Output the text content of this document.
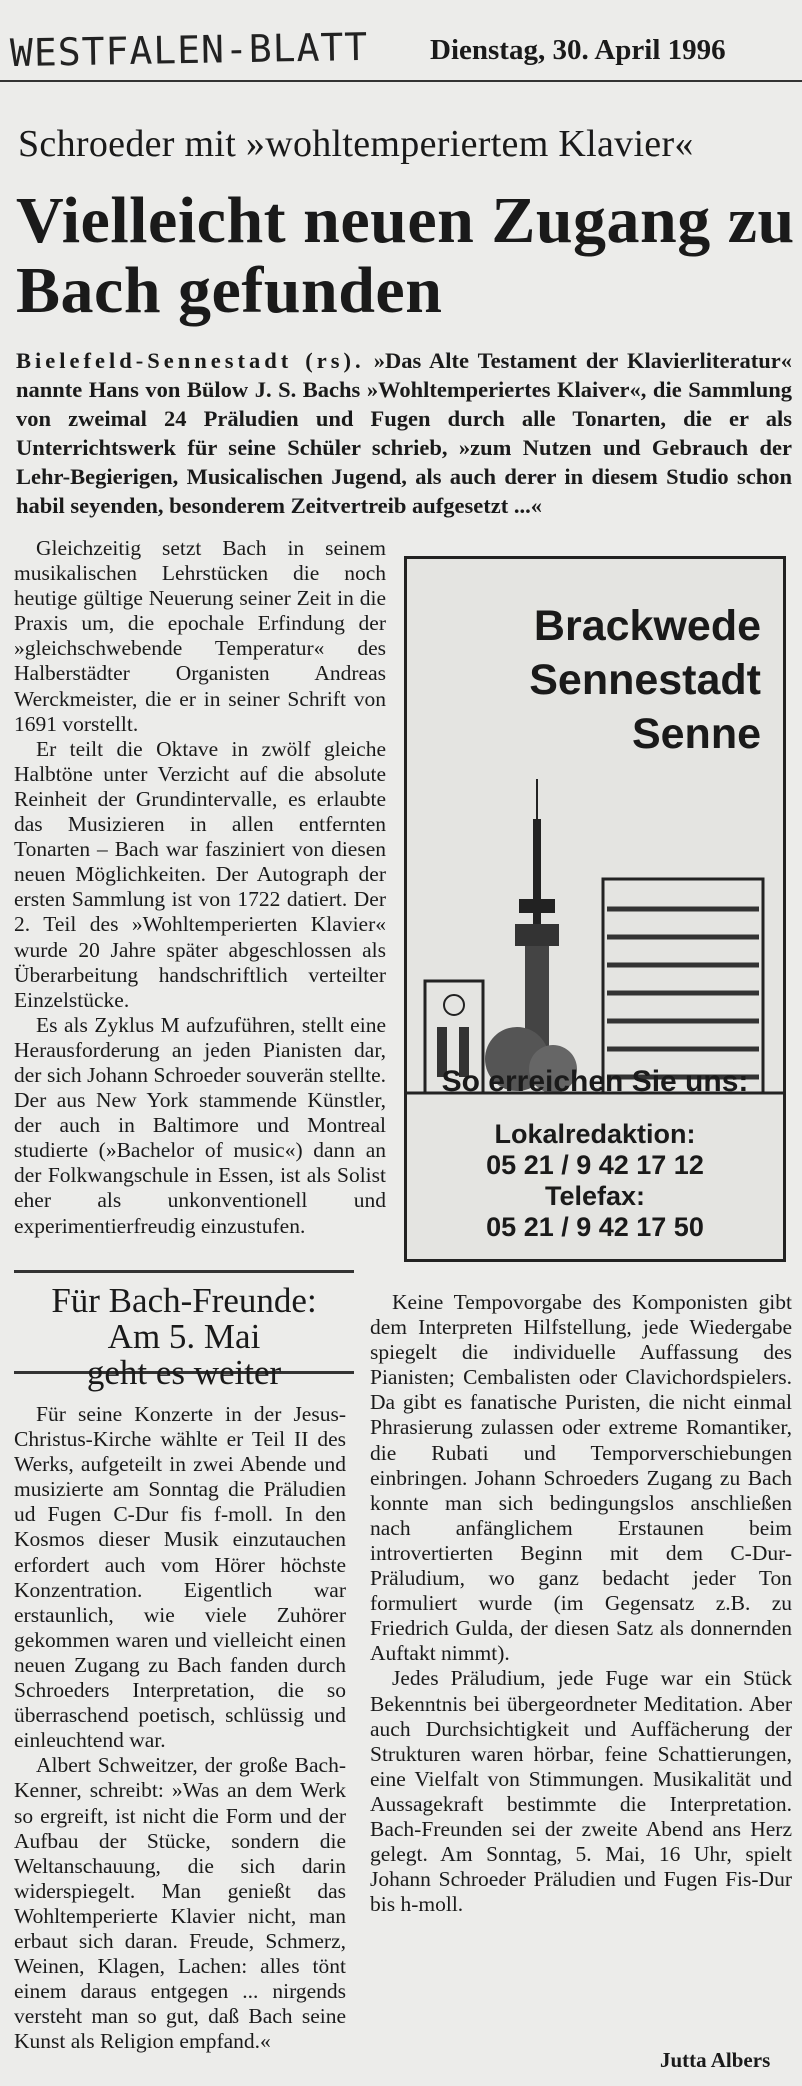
WESTFALEN-BLATT Dienstag, 30. April 1996
Schroeder mit »wohltemperiertem Klavier«
Vielleicht neuen Zugang zu Bach gefunden
Bielefeld-Sennestadt (rs). »Das Alte Testament der Klavierliteratur« nannte Hans von Bülow J. S. Bachs »Wohltemperiertes Klaiver«, die Sammlung von zweimal 24 Präludien und Fugen durch alle Tonarten, die er als Unterrichtswerk für seine Schüler schrieb, »zum Nutzen und Gebrauch der Lehr-Begierigen, Musicalischen Jugend, als auch derer in diesem Studio schon habil seyenden, besonderem Zeitvertreib aufgesetzt ...«

Gleichzeitig setzt Bach in seinem musikalischen Lehrstücken die noch heutige gültige Neuerung seiner Zeit in die Praxis um, die epochale Erfindung der »gleichschwebende Temperatur« des Halberstädter Organisten Andreas Werckmeister, die er in seiner Schrift von 1691 vorstellt.

Er teilt die Oktave in zwölf gleiche Halbtöne unter Verzicht auf die absolute Reinheit der Grundintervalle, es erlaubte das Musizieren in allen entfernten Tonarten – Bach war fasziniert von diesen neuen Möglichkeiten. Der Autograph der ersten Sammlung ist von 1722 datiert. Der 2. Teil des »Wohltemperierten Klavier« wurde 20 Jahre später abgeschlossen als Überarbeitung handschriftlich verteilter Einzelstücke.

Es als Zyklus M aufzuführen, stellt eine Herausforderung an jeden Pianisten dar, der sich Johann Schroeder souverän stellte. Der aus New York stammende Künstler, der auch in Baltimore und Montreal studierte (»Bachelor of music«) dann an der Folkwangschule in Essen, ist als Solist eher als unkonventionell und experimentierfreudig einzustufen.

Brackwede
Sennestadt
Senne
So erreichen Sie uns:
Lokalredaktion:
05 21 / 9 42 17 12
Telefax:
05 21 / 9 42 17 50
Für Bach-Freunde:
Am 5. Mai
geht es weiter

Für seine Konzerte in der Jesus-Christus-Kirche wählte er Teil II des Werks, aufgeteilt in zwei Abende und musizierte am Sonntag die Präludien ud Fugen C-Dur fis f-moll. In den Kosmos dieser Musik einzutauchen erfordert auch vom Hörer höchste Konzentration. Eigentlich war erstaunlich, wie viele Zuhörer gekommen waren und vielleicht einen neuen Zugang zu Bach fanden durch Schroeders Interpretation, die so überraschend poetisch, schlüssig und einleuchtend war.

Albert Schweitzer, der große Bach-Kenner, schreibt: »Was an dem Werk so ergreift, ist nicht die Form und der Aufbau der Stücke, sondern die Weltanschauung, die sich darin widerspiegelt. Man genießt das Wohltemperierte Klavier nicht, man erbaut sich daran. Freude, Schmerz, Weinen, Klagen, Lachen: alles tönt einem daraus entgegen ... nirgends versteht man so gut, daß Bach seine Kunst als Religion empfand.«

Keine Tempovorgabe des Komponisten gibt dem Interpreten Hilfstellung, jede Wiedergabe spiegelt die individuelle Auffassung des Pianisten; Cembalisten oder Clavichordspielers. Da gibt es fanatische Puristen, die nicht einmal Phrasierung zulassen oder extreme Romantiker, die Rubati und Temporverschiebungen einbringen. Johann Schroeders Zugang zu Bach konnte man sich bedingungslos anschließen nach anfänglichem Erstaunen beim introvertierten Beginn mit dem C-Dur-Präludium, wo ganz bedacht jeder Ton formuliert wurde (im Gegensatz z.B. zu Friedrich Gulda, der diesen Satz als donnernden Auftakt nimmt).

Jedes Präludium, jede Fuge war ein Stück Bekenntnis bei übergeordneter Meditation. Aber auch Durchsichtigkeit und Auffächerung der Strukturen waren hörbar, feine Schattierungen, eine Vielfalt von Stimmungen. Musikalität und Aussagekraft bestimmte die Interpretation. Bach-Freunden sei der zweite Abend ans Herz gelegt. Am Sonntag, 5. Mai, 16 Uhr, spielt Johann Schroeder Präludien und Fugen Fis-Dur bis h-moll.

Jutta Albers
